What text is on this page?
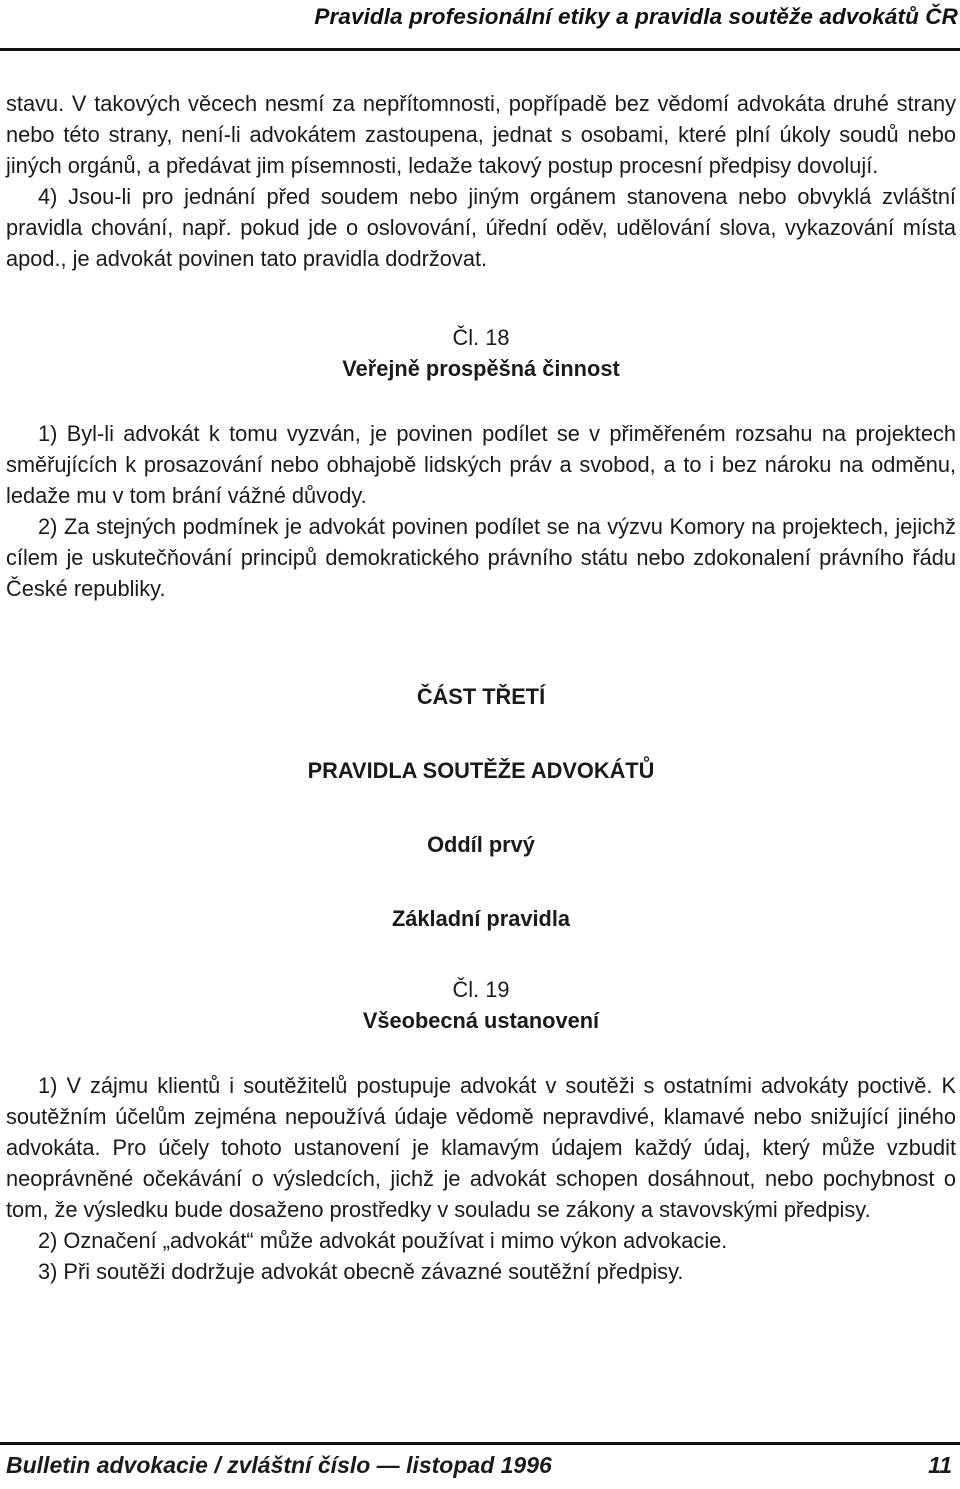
Pravidla profesionální etiky a pravidla soutěže advokátů ČR

stavu. V takových věcech nesmí za nepřítomnosti, popřípadě bez vědomí advokáta druhé strany nebo této strany, není-li advokátem zastoupena, jednat s osobami, které plní úkoly soudů nebo jiných orgánů, a předávat jim písemnosti, ledaže takový postup procesní předpisy dovolují.

4) Jsou-li pro jednání před soudem nebo jiným orgánem stanovena nebo obvyklá zvláštní pravidla chování, např. pokud jde o oslovování, úřední oděv, udělování slova, vykazování místa apod., je advokát povinen tato pravidla dodržovat.

Čl. 18
Veřejně prospěšná činnost

1) Byl-li advokát k tomu vyzván, je povinen podílet se v přiměřeném rozsahu na projektech směřujících k prosazování nebo obhajobě lidských práv a svobod, a to i bez nároku na odměnu, ledaže mu v tom brání vážné důvody.

2) Za stejných podmínek je advokát povinen podílet se na výzvu Komory na projektech, jejichž cílem je uskutečňování principů demokratického právního státu nebo zdokonalení právního řádu České republiky.

ČÁST TŘETÍ
PRAVIDLA SOUTĚŽE ADVOKÁTŮ
Oddíl prvý
Základní pravidla
Čl. 19
Všeobecná ustanovení

1) V zájmu klientů i soutěžitelů postupuje advokát v soutěži s ostatními advokáty poctivě. K soutěžním účelům zejména nepoužívá údaje vědomě nepravdivé, klamavé nebo snižující jiného advokáta. Pro účely tohoto ustanovení je klamavým údajem každý údaj, který může vzbudit neoprávněné očekávání o výsledcích, jichž je advokát schopen dosáhnout, nebo pochybnost o tom, že výsledku bude dosaženo prostředky v souladu se zákony a stavovskými předpisy.

2) Označení „advokát“ může advokát používat i mimo výkon advokacie.

3) Při soutěži dodržuje advokát obecně závazné soutěžní předpisy.

Bulletin advokacie / zvláštní číslo — listopad 1996	11
